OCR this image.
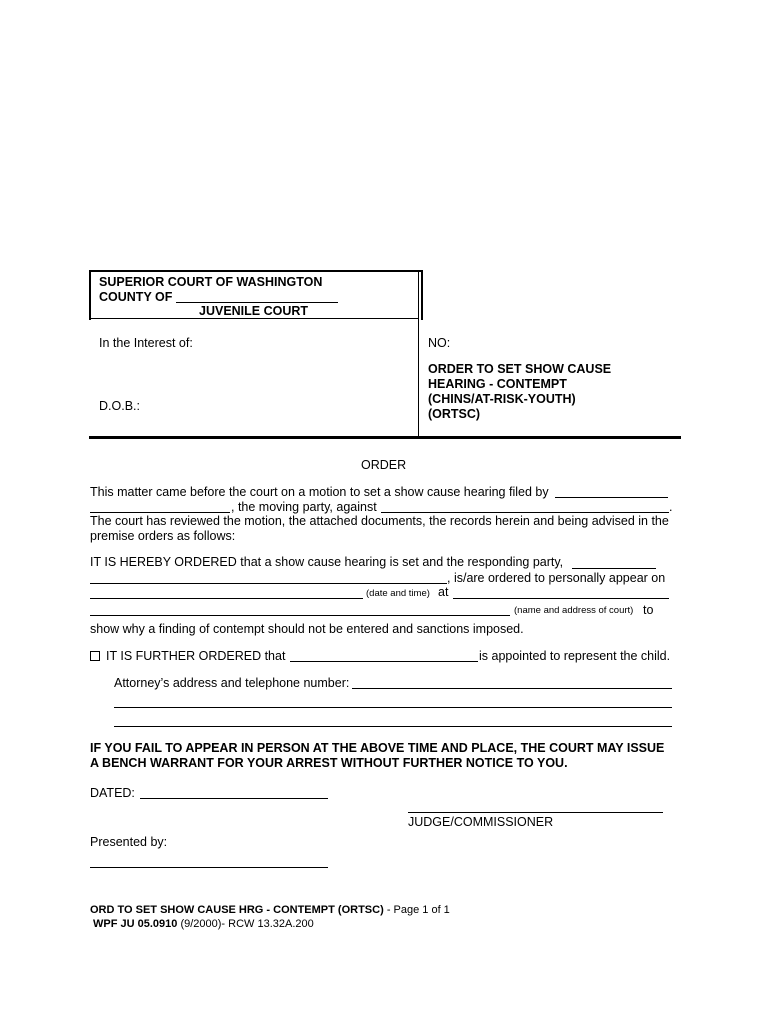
SUPERIOR COURT OF WASHINGTON
COUNTY OF
JUVENILE COURT
In the Interest of:
D.O.B.:
NO:
ORDER TO SET SHOW CAUSE
HEARING - CONTEMPT
(CHINS/AT-RISK-YOUTH)
(ORTSC)
ORDER
This matter came before the court on a motion to set a show cause hearing filed by
, the moving party, against	.
The court has reviewed the motion, the attached documents, the records herein and being advised in the
premise orders as follows:
IT IS HEREBY ORDERED that a show cause hearing is set and the responding party,
, is/are ordered to personally appear on
(date and time) at
(name and address of court) to
show why a finding of contempt should not be entered and sanctions imposed.
IT IS FURTHER ORDERED that	is appointed to represent the child.
Attorney’s address and telephone number:
IF YOU FAIL TO APPEAR IN PERSON AT THE ABOVE TIME AND PLACE, THE COURT MAY ISSUE
A BENCH WARRANT FOR YOUR ARREST WITHOUT FURTHER NOTICE TO YOU.
DATED:
JUDGE/COMMISSIONER
Presented by:
ORD TO SET SHOW CAUSE HRG - CONTEMPT (ORTSC) - Page 1 of 1
WPF JU 05.0910 (9/2000)- RCW 13.32A.200
